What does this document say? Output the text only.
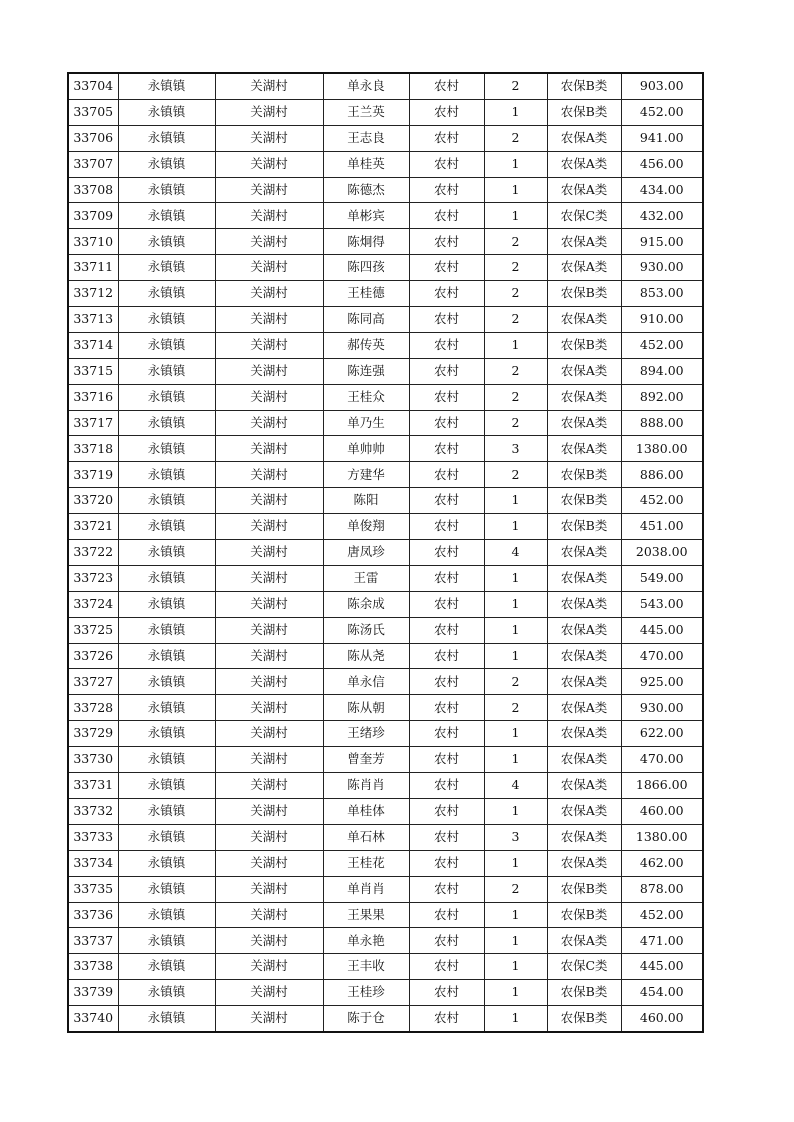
33704	永镇镇	关湖村	单永良	农村	2	农保B类	903.00
33705	永镇镇	关湖村	王兰英	农村	1	农保B类	452.00
33706	永镇镇	关湖村	王志良	农村	2	农保A类	941.00
33707	永镇镇	关湖村	单桂英	农村	1	农保A类	456.00
33708	永镇镇	关湖村	陈德杰	农村	1	农保A类	434.00
33709	永镇镇	关湖村	单彬宾	农村	1	农保C类	432.00
33710	永镇镇	关湖村	陈炯得	农村	2	农保A类	915.00
33711	永镇镇	关湖村	陈四孩	农村	2	农保A类	930.00
33712	永镇镇	关湖村	王桂德	农村	2	农保B类	853.00
33713	永镇镇	关湖村	陈同高	农村	2	农保A类	910.00
33714	永镇镇	关湖村	郝传英	农村	1	农保B类	452.00
33715	永镇镇	关湖村	陈连强	农村	2	农保A类	894.00
33716	永镇镇	关湖村	王桂众	农村	2	农保A类	892.00
33717	永镇镇	关湖村	单乃生	农村	2	农保A类	888.00
33718	永镇镇	关湖村	单帅帅	农村	3	农保A类	1380.00
33719	永镇镇	关湖村	方建华	农村	2	农保B类	886.00
33720	永镇镇	关湖村	陈阳	农村	1	农保B类	452.00
33721	永镇镇	关湖村	单俊翔	农村	1	农保B类	451.00
33722	永镇镇	关湖村	唐凤珍	农村	4	农保A类	2038.00
33723	永镇镇	关湖村	王雷	农村	1	农保A类	549.00
33724	永镇镇	关湖村	陈余成	农村	1	农保A类	543.00
33725	永镇镇	关湖村	陈汤氏	农村	1	农保A类	445.00
33726	永镇镇	关湖村	陈从尧	农村	1	农保A类	470.00
33727	永镇镇	关湖村	单永信	农村	2	农保A类	925.00
33728	永镇镇	关湖村	陈从朝	农村	2	农保A类	930.00
33729	永镇镇	关湖村	王绪珍	农村	1	农保A类	622.00
33730	永镇镇	关湖村	曾奎芳	农村	1	农保A类	470.00
33731	永镇镇	关湖村	陈肖肖	农村	4	农保A类	1866.00
33732	永镇镇	关湖村	单桂体	农村	1	农保A类	460.00
33733	永镇镇	关湖村	单石林	农村	3	农保A类	1380.00
33734	永镇镇	关湖村	王桂花	农村	1	农保A类	462.00
33735	永镇镇	关湖村	单肖肖	农村	2	农保B类	878.00
33736	永镇镇	关湖村	王果果	农村	1	农保B类	452.00
33737	永镇镇	关湖村	单永艳	农村	1	农保A类	471.00
33738	永镇镇	关湖村	王丰收	农村	1	农保C类	445.00
33739	永镇镇	关湖村	王桂珍	农村	1	农保B类	454.00
33740	永镇镇	关湖村	陈于仓	农村	1	农保B类	460.00
